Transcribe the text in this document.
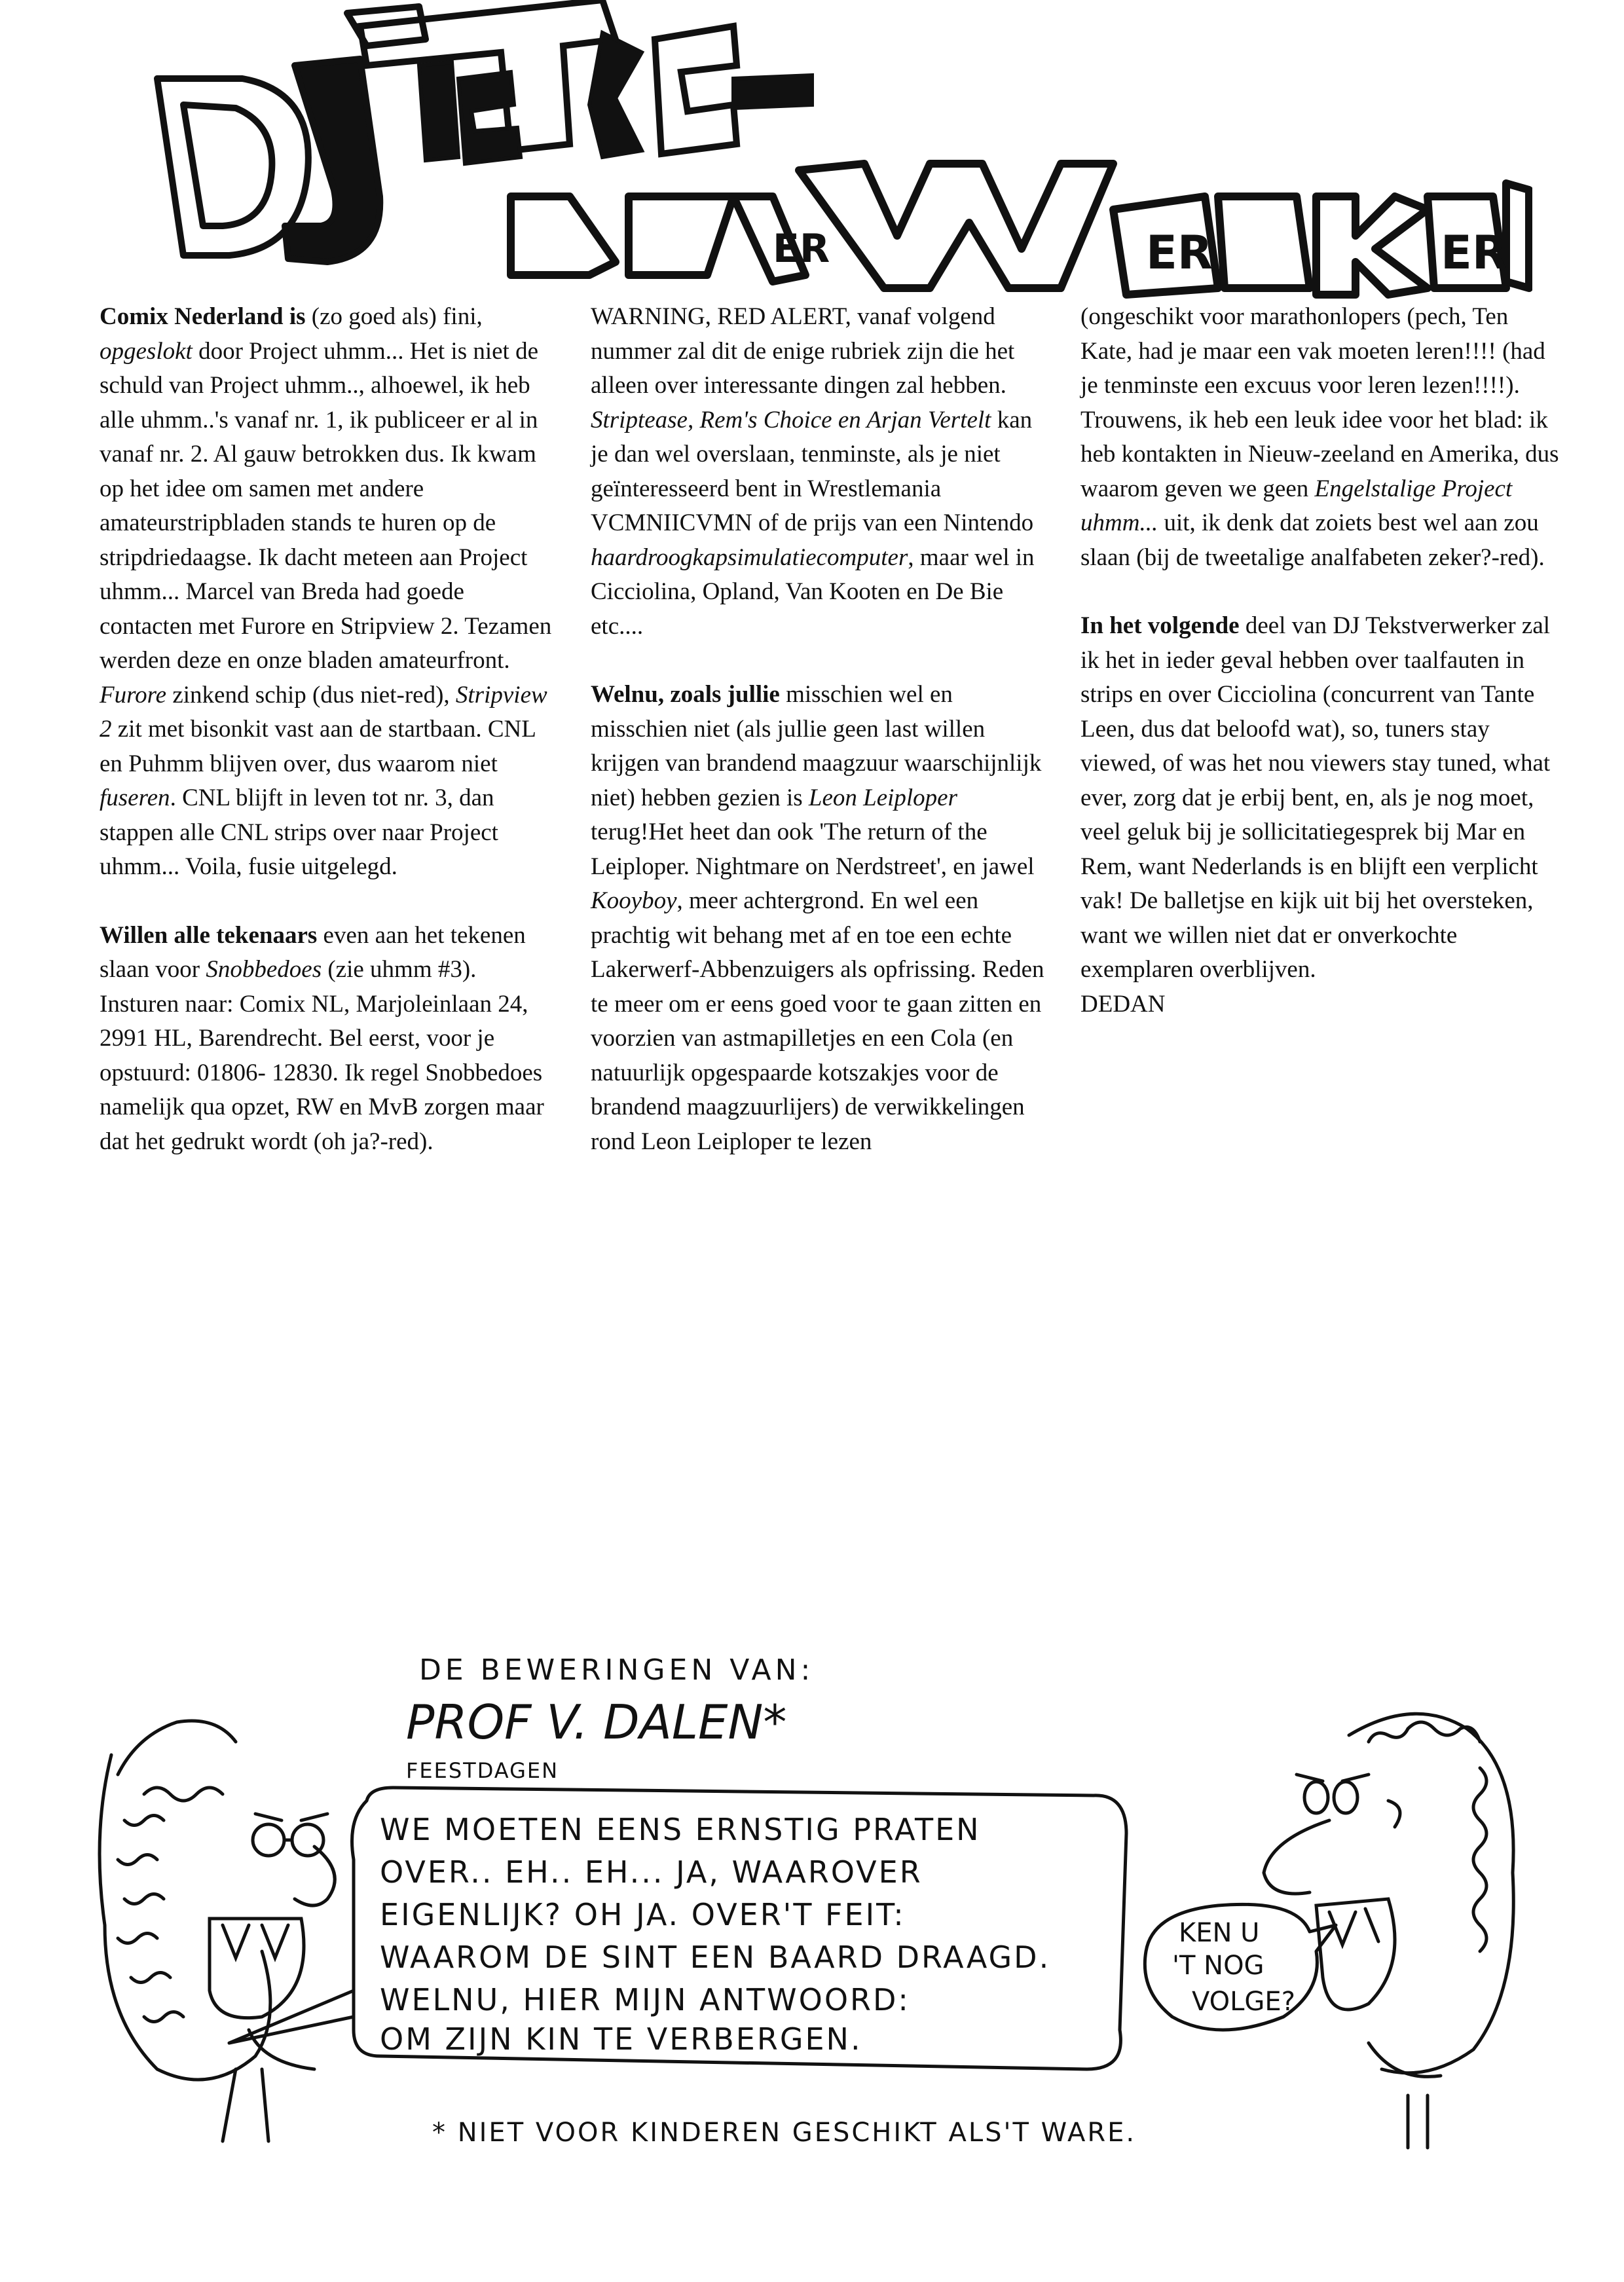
ER	ER	ER
DJ TEKST-
VERWERKER

Comix Nederland is (zo goed als) fini, opgeslokt door Project uhmm... Het is niet de schuld van Project uhmm.., alhoewel, ik heb alle uhmm..'s vanaf nr. 1, ik publiceer er al in vanaf nr. 2. Al gauw betrokken dus. Ik kwam op het idee om samen met andere amateurstripbladen stands te huren op de stripdriedaagse. Ik dacht meteen aan Project uhmm... Marcel van Breda had goede contacten met Furore en Stripview 2. Tezamen werden deze en onze bladen amateurfront. Furore zinkend schip (dus niet-red), Stripview 2 zit met bisonkit vast aan de startbaan. CNL en Puhmm blijven over, dus waarom niet fuseren. CNL blijft in leven tot nr. 3, dan stappen alle CNL strips over naar Project uhmm... Voila, fusie uitgelegd.

Willen alle tekenaars even aan het tekenen slaan voor Snobbedoes (zie uhmm #3). Insturen naar: Comix NL, Marjoleinlaan 24, 2991 HL, Barendrecht. Bel eerst, voor je opstuurd: 01806- 12830. Ik regel Snobbedoes namelijk qua opzet, RW en MvB zorgen maar dat het gedrukt wordt (oh ja?-red).

WARNING, RED ALERT, vanaf volgend nummer zal dit de enige rubriek zijn die het alleen over interessante dingen zal hebben. Striptease, Rem's Choice en Arjan Vertelt kan je dan wel overslaan, tenminste, als je niet geïnteresseerd bent in Wrestlemania VCMNIICVMN of de prijs van een Nintendo haardroogkapsimulatiecomputer, maar wel in Cicciolina, Opland, Van Kooten en De Bie etc....

Welnu, zoals jullie misschien wel en misschien niet (als jullie geen last willen krijgen van brandend maagzuur waarschijnlijk niet) hebben gezien is Leon Leiploper terug!Het heet dan ook 'The return of the Leiploper. Nightmare on Nerdstreet', en jawel Kooyboy, meer achtergrond. En wel een prachtig wit behang met af en toe een echte Lakerwerf-Abbenzuigers als opfrissing. Reden te meer om er eens goed voor te gaan zitten en voorzien van astmapilletjes en een Cola (en natuurlijk opgespaarde kotszakjes voor de brandend maagzuurlijers) de verwikkelingen rond Leon Leiploper te lezen

(ongeschikt voor marathonlopers (pech, Ten Kate, had je maar een vak moeten leren!!!! (had je tenminste een excuus voor leren lezen!!!!). Trouwens, ik heb een leuk idee voor het blad: ik heb kontakten in Nieuw-zeeland en Amerika, dus waarom geven we geen Engelstalige Project uhmm... uit, ik denk dat zoiets best wel aan zou slaan (bij de tweetalige analfabeten zeker?-red).

In het volgende deel van DJ Tekstverwerker zal ik het in ieder geval hebben over taalfauten in strips en over Cicciolina (concurrent van Tante Leen, dus dat beloofd wat), so, tuners stay viewed, of was het nou viewers stay tuned, what ever, zorg dat je erbij bent, en, als je nog moet, veel geluk bij je sollicitatiegesprek bij Mar en Rem, want Nederlands is en blijft een verplicht vak! De balletjse en kijk uit bij het oversteken, want we willen niet dat er onverkochte exemplaren overblijven.
DEDAN

DE BEWERINGEN VAN:
PROF V. DALEN*
FEESTDAGEN
WE MOETEN EENS ERNSTIG PRATEN
OVER.. EH.. EH... JA, WAAROVER
EIGENLIJK? OH JA. OVER'T FEIT:
WAAROM DE SINT EEN BAARD DRAAGD.
WELNU, HIER MIJN ANTWOORD:
OM ZIJN KIN TE VERBERGEN.
KEN U
'T NOG
VOLGE?
* NIET VOOR KINDEREN GESCHIKT ALS'T WARE.
